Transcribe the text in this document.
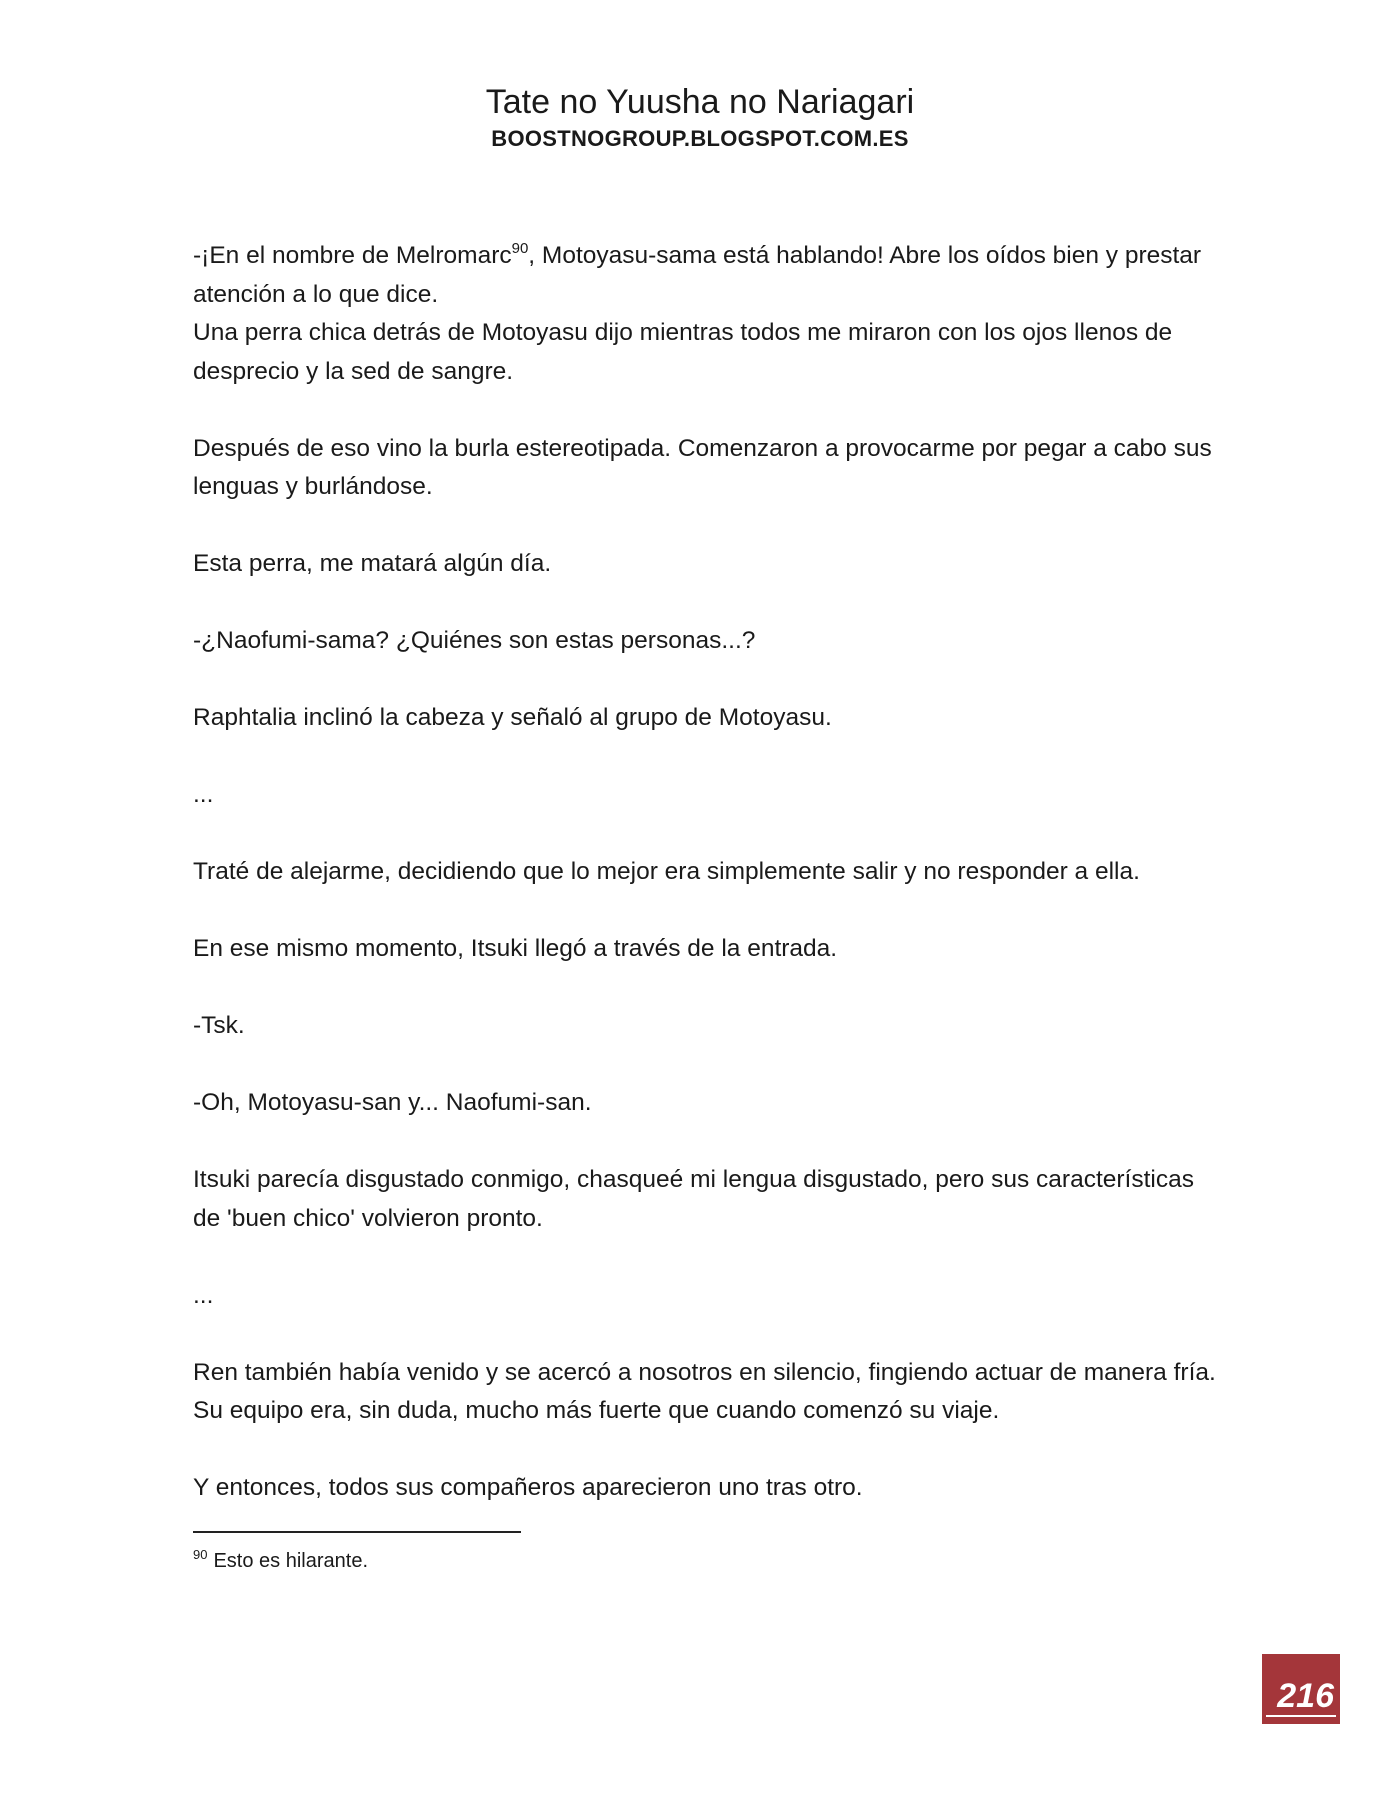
Tate no Yuusha no Nariagari
BOOSTNOGROUP.BLOGSPOT.COM.ES

-¡En el nombre de Melromarc$^{90}$, Motoyasu-sama está hablando! Abre los oídos bien y prestar atención a lo que dice.

Una perra chica detrás de Motoyasu dijo mientras todos me miraron con los ojos llenos de desprecio y la sed de sangre.

Después de eso vino la burla estereotipada. Comenzaron a provocarme por pegar a cabo sus lenguas y burlándose.

Esta perra, me matará algún día.

-¿Naofumi-sama? ¿Quiénes son estas personas...?

Raphtalia inclinó la cabeza y señaló al grupo de Motoyasu.

...

Traté de alejarme, decidiendo que lo mejor era simplemente salir y no responder a ella.

En ese mismo momento, Itsuki llegó a través de la entrada.

-Tsk.

-Oh, Motoyasu-san y... Naofumi-san.

Itsuki parecía disgustado conmigo, chasqueé mi lengua disgustado, pero sus características de 'buen chico' volvieron pronto.

...

Ren también había venido y se acercó a nosotros en silencio, fingiendo actuar de manera fría. Su equipo era, sin duda, mucho más fuerte que cuando comenzó su viaje.

Y entonces, todos sus compañeros aparecieron uno tras otro.

$^{90}$ Esto es hilarante.
216
